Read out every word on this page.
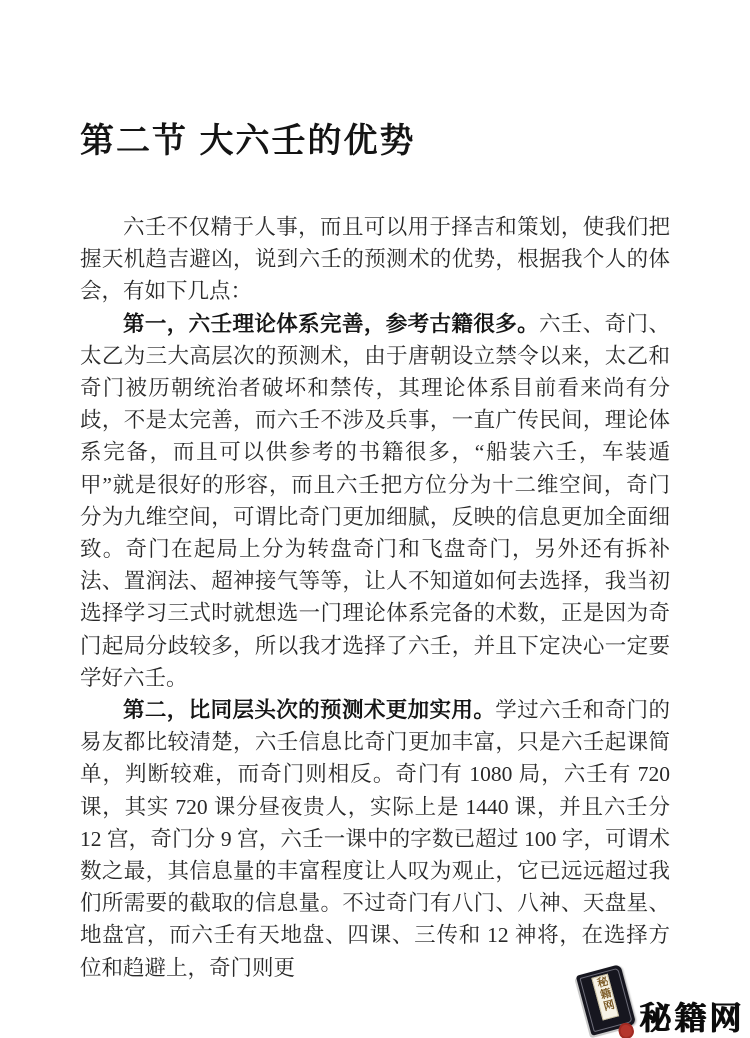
第二节 大六壬的优势

六壬不仅精于人事，而且可以用于择吉和策划，使我们把握天机趋吉避凶，说到六壬的预测术的优势，根据我个人的体会，有如下几点：

第一，六壬理论体系完善，参考古籍很多。六壬、奇门、太乙为三大高层次的预测术，由于唐朝设立禁令以来，太乙和奇门被历朝统治者破坏和禁传，其理论体系目前看来尚有分歧，不是太完善，而六壬不涉及兵事，一直广传民间，理论体系完备，而且可以供参考的书籍很多，“船装六壬，车装遁甲”就是很好的形容，而且六壬把方位分为十二维空间，奇门分为九维空间，可谓比奇门更加细腻，反映的信息更加全面细致。奇门在起局上分为转盘奇门和飞盘奇门，另外还有拆补法、置润法、超神接气等等，让人不知道如何去选择，我当初选择学习三式时就想选一门理论体系完备的术数，正是因为奇门起局分歧较多，所以我才选择了六壬，并且下定决心一定要学好六壬。

第二，比同层头次的预测术更加实用。学过六壬和奇门的易友都比较清楚，六壬信息比奇门更加丰富，只是六壬起课简单，判断较难，而奇门则相反。奇门有 1080 局，六壬有 720 课，其实 720 课分昼夜贵人，实际上是 1440 课，并且六壬分 12 宫，奇门分 9 宫，六壬一课中的字数已超过 100 字，可谓术数之最，其信息量的丰富程度让人叹为观止，它已远远超过我们所需要的截取的信息量。不过奇门有八门、八神、天盘星、地盘宫，而六壬有天地盘、四课、三传和 12 神将，在选择方位和趋避上，奇门则更

秘籍网
秘籍网
